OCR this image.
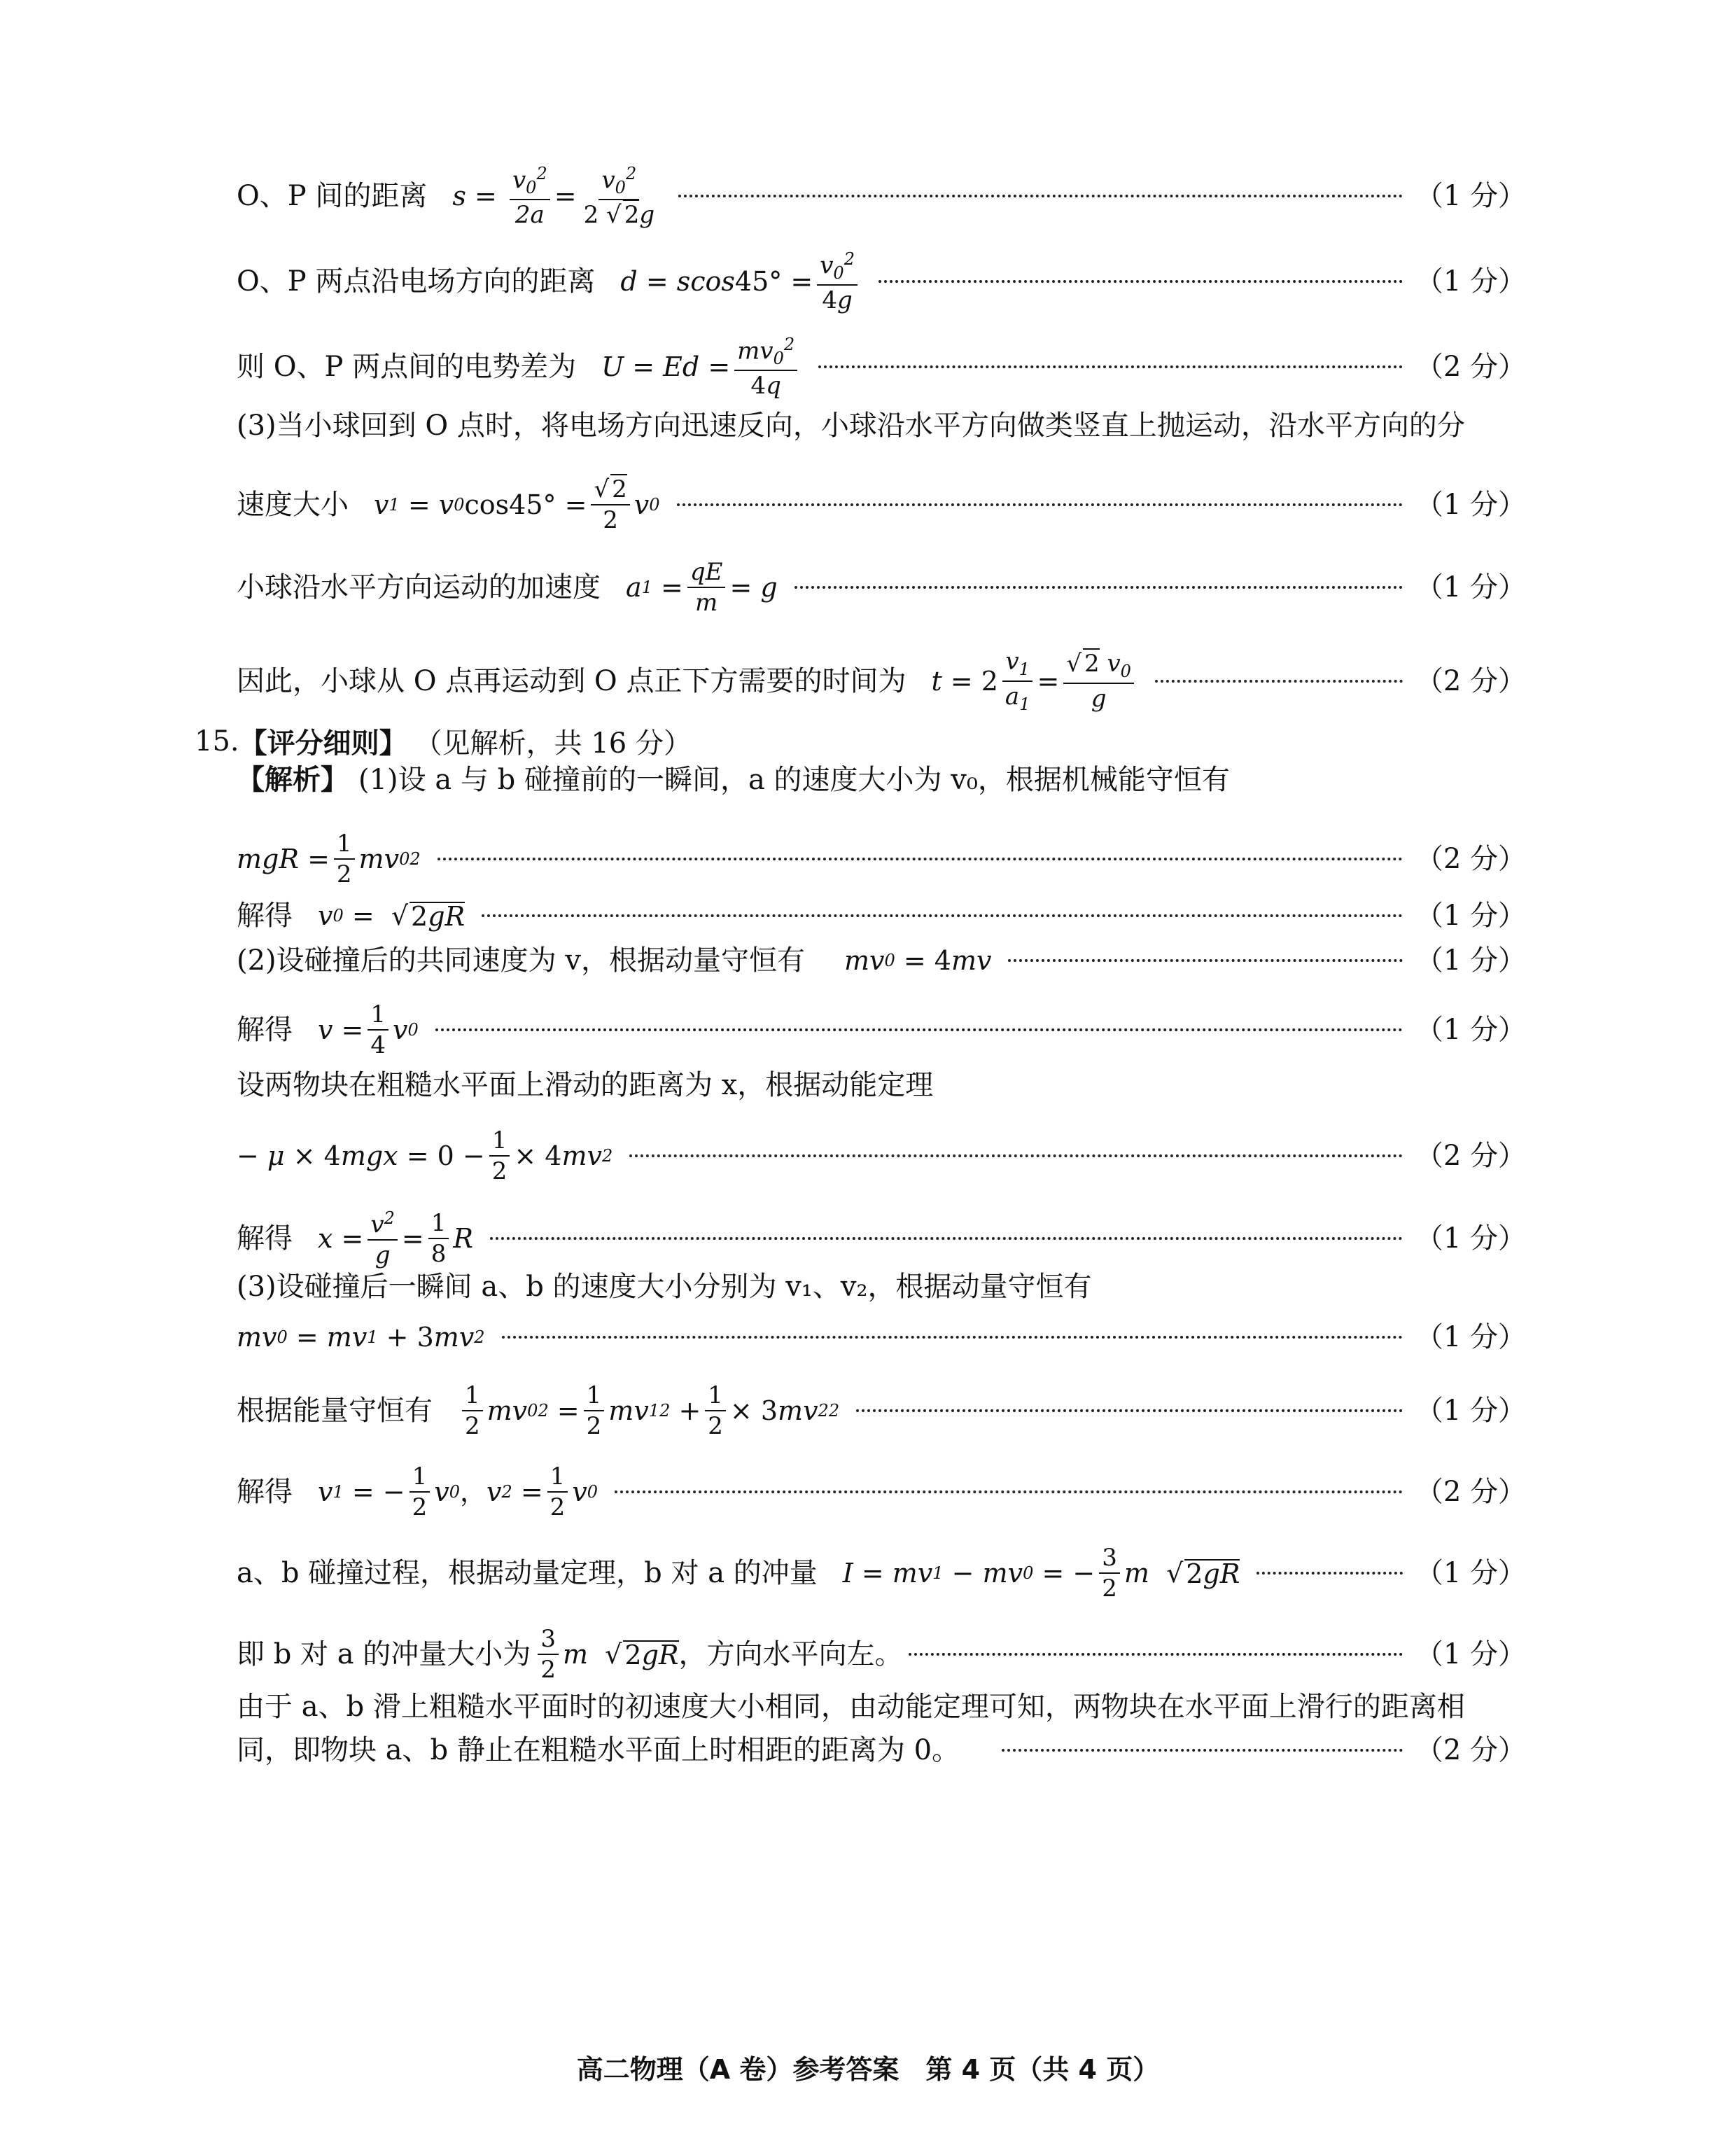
O、P 间的距离 $s = \frac{v_0^2}{2a} = \frac{v_0^2}{2 √ 2g}$	（1 分）
O、P 两点沿电场方向的距离 d = scos $45^\circ = \frac{v_0^2}{4g}$	（1 分）
则 O、P 两点间的电势差为 $U = Ed = \frac{mv_0^2}{4q}$	（2 分）
(3)当小球回到 O 点时，将电场方向迅速反向，小球沿水平方向做类竖直上抛运动，沿水平方向的分
速度大小 v 1 = v 0 $\cos 45^\circ = \frac{√ 2}{2}$ v 0	（1 分）
小球沿水平方向运动的加速度 a $1 = \frac{qE}{m} = g$	（1 分）
因此，小球从 O 点再运动到 O 点正下方需要的时间为 $t = 2 \frac{v_1}{a_1} = \frac{√ 2 v_0}{g}$	（2 分）
15. 【评分细则】 （见解析，共 16 分）
【解析】 (1)设 a 与 b 碰撞前的一瞬间，a 的速度大小为 v₀，根据机械能守恒有
mgR = $\frac{1}{2}$ mv 0 2	（2 分）
解得 v 0 = √ 2gR	（1 分）
(2)设碰撞后的共同速度为 v，根据动量守恒有 mv 0 = 4 mv	（1 分）
解得 $v = \frac{1}{4}$ v 0	（1 分）
设两物块在粗糙水平面上滑动的距离为 x，根据动能定理
− μ × 4 mgx = $0 - \frac{1}{2} \times 4$ mv 2	（2 分）
解得 $x = \frac{v^2}{g} = \frac{1}{8}$ R	（1 分）
(3)设碰撞后一瞬间 a、b 的速度大小分别为 v₁、v₂，根据动量守恒有
mv 0 = mv 1 + 3 mv 2	（1 分）
根据能量守恒有 $\frac{1}{2}$ mv 0 $2 = \frac{1}{2}$ mv 1 $2 + \frac{1}{2} \times 3$ mv 2 2	（1 分）
解得 v 1 = − $\frac{1}{2}$ v 0 ， v $2 = \frac{1}{2}$ v 0	（2 分）
a、b 碰撞过程，根据动量定理，b 对 a 的冲量 I = mv 1 − mv 0 = − $\frac{3}{2}$ m √ 2gR	（1 分）
即 b 对 a 的冲量大小为 $\frac{3}{2}$ m √ 2gR ，方向水平向左。	（1 分）
由于 a、b 滑上粗糙水平面时的初速度大小相同，由动能定理可知，两物块在水平面上滑行的距离相
同，即物块 a、b 静止在粗糙水平面上时相距的距离为 0。	（2 分）
高二物理（A 卷）参考答案　第 4 页（共 4 页）
